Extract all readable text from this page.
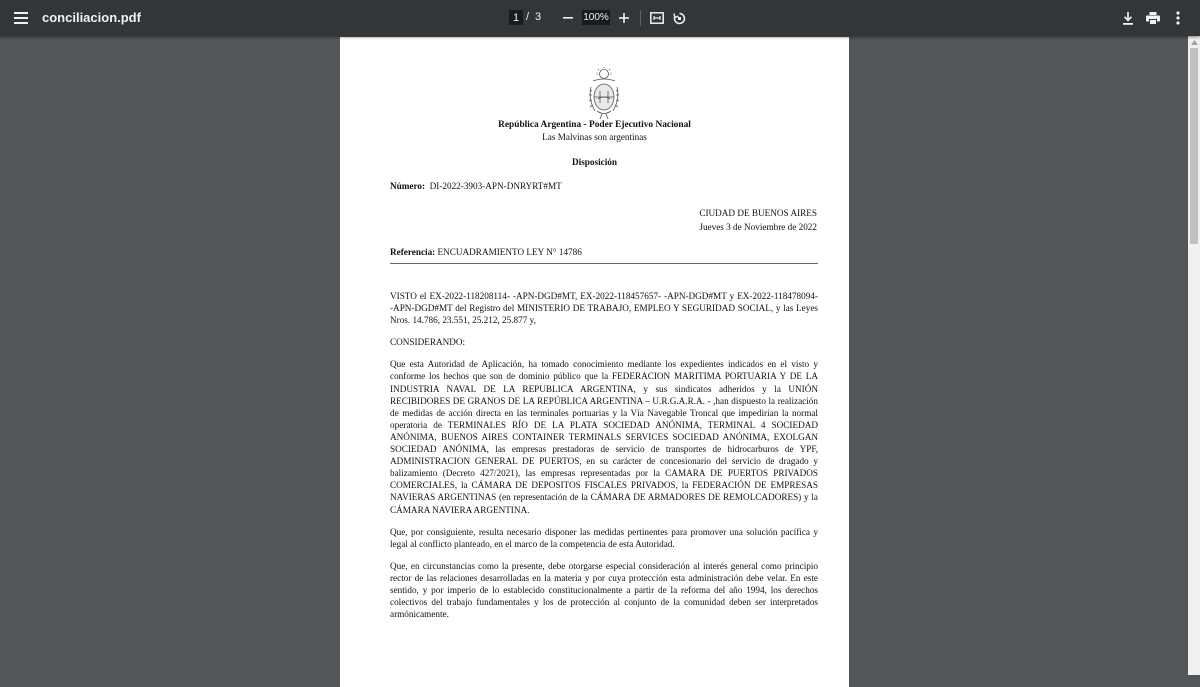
conciliacion.pdf	1 / 3	100%
República Argentina - Poder Ejecutivo Nacional
Las Malvinas son argentinas
Disposición
Número: DI-2022-3903-APN-DNRYRT#MT
CIUDAD DE BUENOS AIRES
Jueves 3 de Noviembre de 2022
Referencia: ENCUADRAMIENTO LEY N° 14786

VISTO el EX-2022-118208114- -APN-DGD#MT, EX-2022-118457657- -APN-DGD#MT y EX-2022-118478094- -APN-DGD#MT del Registro del MINISTERIO DE TRABAJO, EMPLEO Y SEGURIDAD SOCIAL, y las Leyes Nros. 14.786, 23.551, 25.212, 25.877 y,

CONSIDERANDO:

Que esta Autoridad de Aplicación, ha tomado conocimiento mediante los expedientes indicados en el visto y conforme los hechos que son de dominio público que la FEDERACION MARITIMA PORTUARIA Y DE LA INDUSTRIA NAVAL DE LA REPUBLICA ARGENTINA, y sus sindicatos adheridos y la UNIÓN RECIBIDORES DE GRANOS DE LA REPÚBLICA ARGENTINA – U.R.G.A.R.A. - ,han dispuesto la realización de medidas de acción directa en las terminales portuarias y la Vía Navegable Troncal que impedirían la normal operatoria de TERMINALES RÍO DE LA PLATA SOCIEDAD ANÓNIMA, TERMINAL 4 SOCIEDAD ANÓNIMA, BUENOS AIRES CONTAINER TERMINALS SERVICES SOCIEDAD ANÓNIMA, EXOLGAN SOCIEDAD ANÓNIMA, las empresas prestadoras de servicio de transportes de hidrocarburos de YPF, ADMINISTRACION GENERAL DE PUERTOS, en su carácter de concesionario del servicio de dragado y balizamiento (Decreto 427/2021), las empresas representadas por la CAMARA DE PUERTOS PRIVADOS COMERCIALES, la CÁMARA DE DEPOSITOS FISCALES PRIVADOS, la FEDERACIÓN DE EMPRESAS NAVIERAS ARGENTINAS (en representación de la CÁMARA DE ARMADORES DE REMOLCADORES) y la CÁMARA NAVIERA ARGENTINA.

Que, por consiguiente, resulta necesario disponer las medidas pertinentes para promover una solución pacífica y legal al conflicto planteado, en el marco de la competencia de esta Autoridad.

Que, en circunstancias como la presente, debe otorgarse especial consideración al interés general como principio rector de las relaciones desarrolladas en la materia y por cuya protección esta administración debe velar. En este sentido, y por imperio de lo establecido constitucionalmente a partir de la reforma del año 1994, los derechos colectivos del trabajo fundamentales y los de protección al conjunto de la comunidad deben ser interpretados armónicamente.
